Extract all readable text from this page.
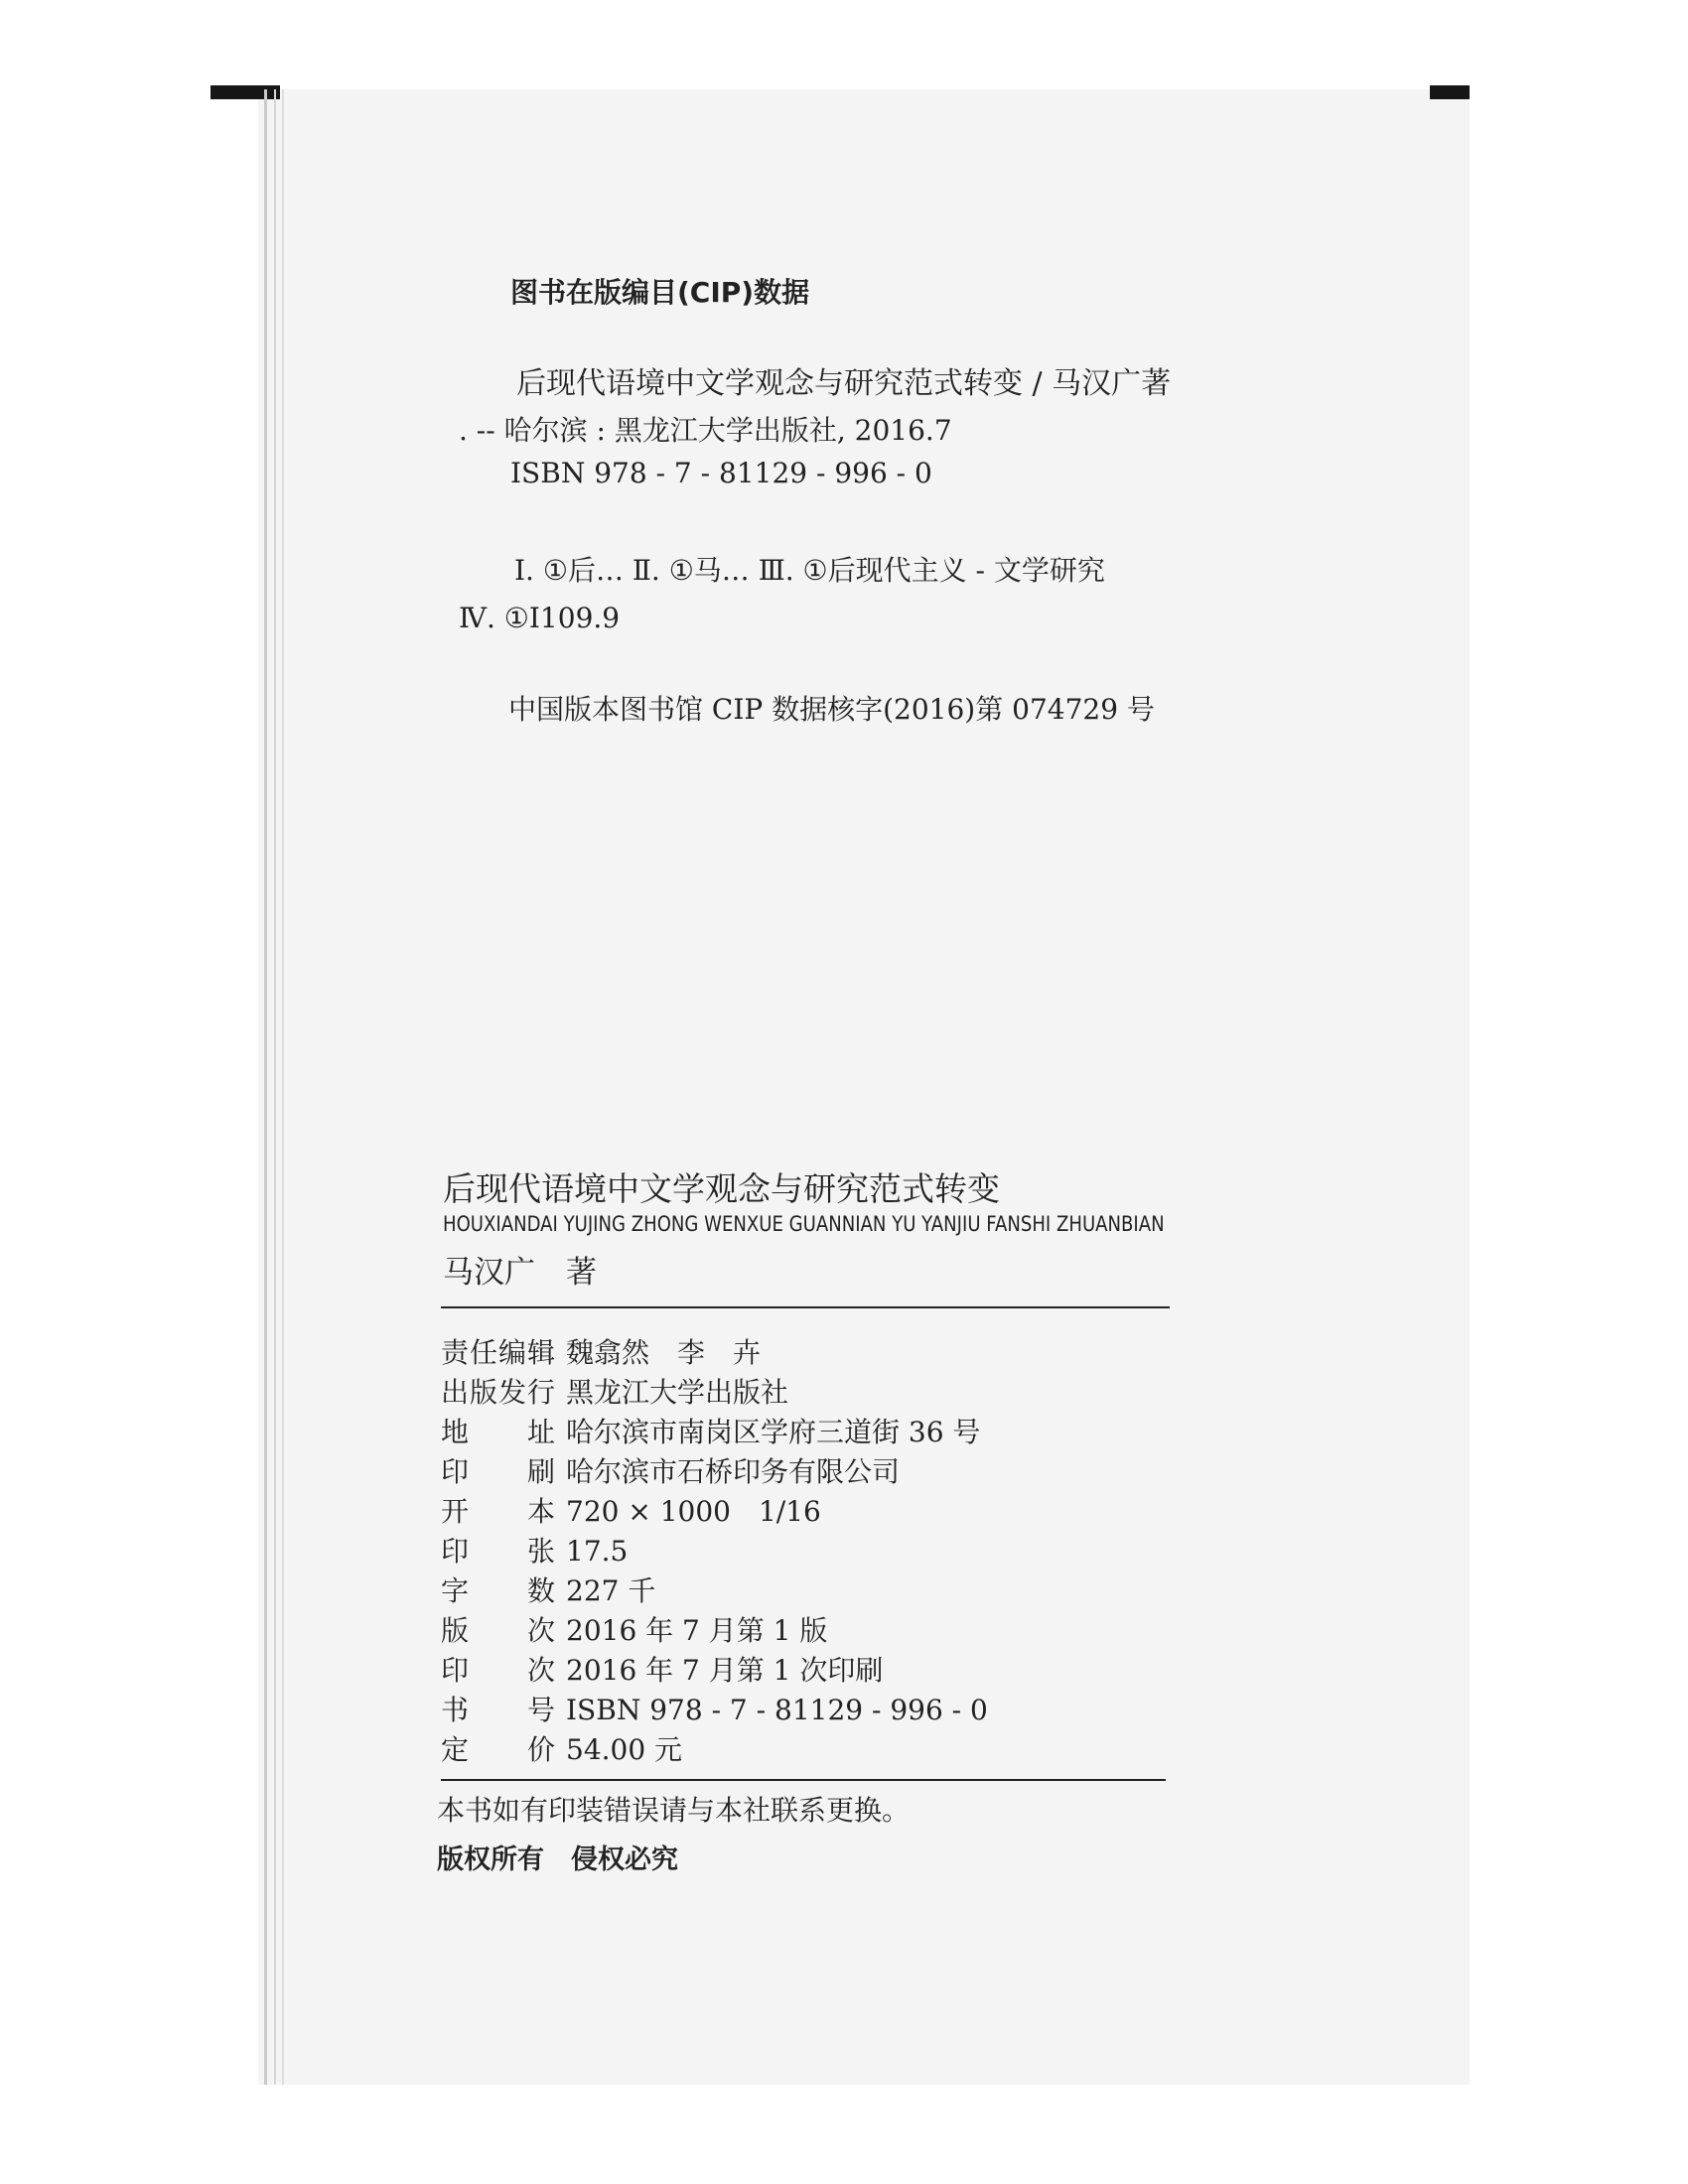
图书在版编目(CIP)数据
后现代语境中文学观念与研究范式转变 / 马汉广著
. -- 哈尔滨 : 黑龙江大学出版社, 2016.7
ISBN 978 - 7 - 81129 - 996 - 0
Ⅰ. ①后… Ⅱ. ①马… Ⅲ. ①后现代主义 - 文学研究
Ⅳ. ①I109.9
中国版本图书馆 CIP 数据核字(2016)第 074729 号
后现代语境中文学观念与研究范式转变
HOUXIANDAI YUJING ZHONG WENXUE GUANNIAN YU YANJIU FANSHI ZHUANBIAN
马汉广　著
责任编辑 魏翕然　李　卉
出版发行 黑龙江大学出版社
地　　址 哈尔滨市南岗区学府三道街 36 号
印　　刷 哈尔滨市石桥印务有限公司
开　　本 720 × 1000　1/16
印　　张 17.5
字　　数 227 千
版　　次 2016 年 7 月第 1 版
印　　次 2016 年 7 月第 1 次印刷
书　　号 ISBN 978 - 7 - 81129 - 996 - 0
定　　价 54.00 元
本书如有印装错误请与本社联系更换。
版权所有　侵权必究
